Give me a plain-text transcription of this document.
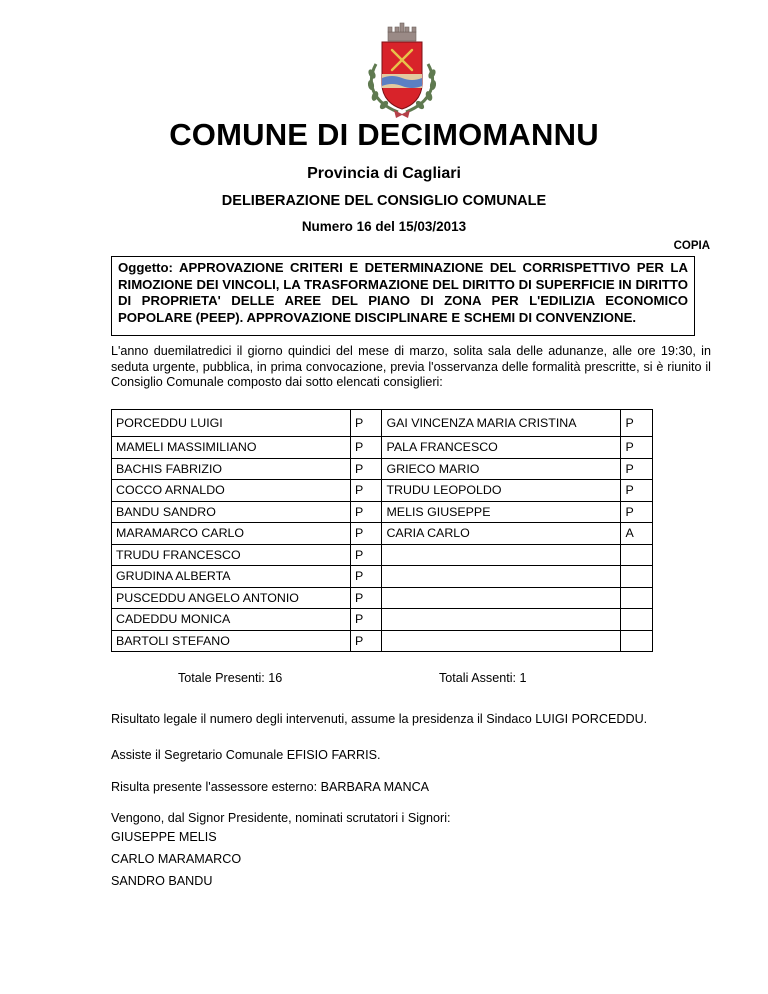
COMUNE DI DECIMOMANNU
Provincia di Cagliari
DELIBERAZIONE DEL CONSIGLIO COMUNALE
Numero 16 del 15/03/2013
COPIA
Oggetto: APPROVAZIONE CRITERI E DETERMINAZIONE DEL CORRISPETTIVO PER LA RIMOZIONE DEI VINCOLI, LA TRASFORMAZIONE DEL DIRITTO DI SUPERFICIE IN DIRITTO DI PROPRIETA' DELLE AREE DEL PIANO DI ZONA PER L'EDILIZIA ECONOMICO POPOLARE (PEEP). APPROVAZIONE DISCIPLINARE E SCHEMI DI CONVENZIONE.
L'anno duemilatredici il giorno quindici del mese di marzo, solita sala delle adunanze, alle ore 19:30, in seduta urgente, pubblica, in prima convocazione, previa l'osservanza delle formalità prescritte, si è riunito il Consiglio Comunale composto dai sotto elencati consiglieri:
PORCEDDU LUIGI	P	GAI VINCENZA MARIA CRISTINA	P
MAMELI MASSIMILIANO	P	PALA FRANCESCO	P
BACHIS FABRIZIO	P	GRIECO MARIO	P
COCCO ARNALDO	P	TRUDU LEOPOLDO	P
BANDU SANDRO	P	MELIS GIUSEPPE	P
MARAMARCO CARLO	P	CARIA CARLO	A
TRUDU FRANCESCO	P		
GRUDINA ALBERTA	P		
PUSCEDDU ANGELO ANTONIO	P		
CADEDDU MONICA	P		
BARTOLI STEFANO	P		
Totale Presenti: 16	Totali Assenti: 1
Risultato legale il numero degli intervenuti, assume la presidenza il Sindaco LUIGI PORCEDDU.
Assiste il Segretario Comunale EFISIO FARRIS.
Risulta presente l'assessore esterno: BARBARA MANCA
Vengono, dal Signor Presidente, nominati scrutatori i Signori:
GIUSEPPE MELIS
CARLO MARAMARCO
SANDRO BANDU
